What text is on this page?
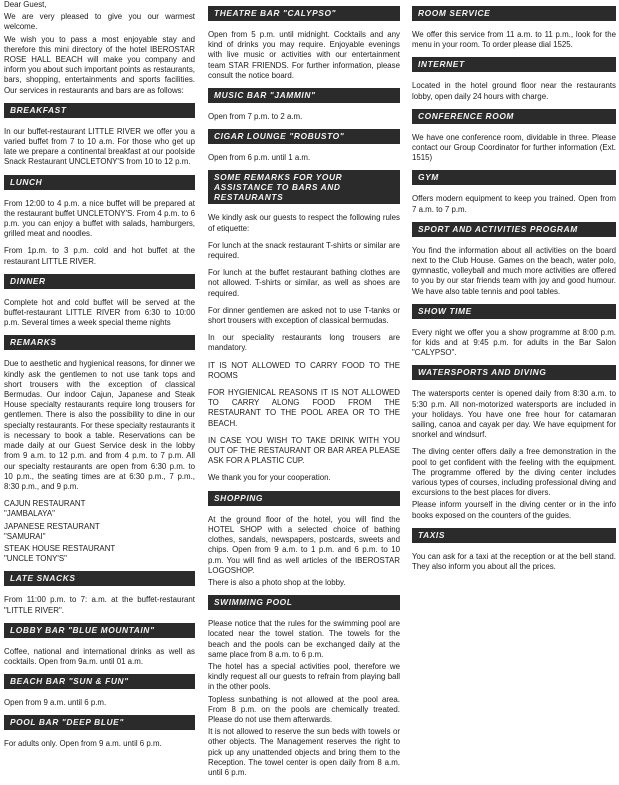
Dear Guest,

We are very pleased to give you our warmest welcome.

We wish you to pass a most enjoyable stay and therefore this mini directory of the hotel IBEROSTAR ROSE HALL BEACH will make you company and inform you about such important points as restaurants, bars, shopping, entertainments and sports facilities. Our services in restaurants and bars are as follows:

BREAKFAST

In our buffet-restaurant LITTLE RIVER we offer you a varied buffet from 7 to 10 a.m. For those who get up late we prepare a continental breakfast at our poolside Snack Restaurant UNCLETONY'S from 10 to 12 p.m.

LUNCH

From 12:00 to 4 p.m. a nice buffet will be prepared at the restaurant buffet UNCLETONY'S. From 4 p.m. to 6 p.m. you can enjoy a buffet with salads, hamburgers, grilled meat and noodles.

From 1p.m. to 3 p.m. cold and hot buffet at the restaurant LITTLE RIVER.

DINNER

Complete hot and cold buffet will be served at the buffet-restaurant LITTLE RIVER from 6:30 to 10:00 p.m. Several times a week special theme nights

REMARKS

Due to aesthetic and hygienical reasons, for dinner we kindly ask the gentlemen to not use tank tops and short trousers with the exception of classical Bermudas. Our indoor Cajun, Japanese and Steak House specialty restaurants require long trousers for gentlemen. There is also the possibility to dine in our specialty restaurants. For these specialty restaurants it is necessary to book a table. Reservations can be made daily at our Guest Service desk in the lobby from 9 a.m. to 12 p.m. and from 4 p.m. to 7 p.m. All our specialty restaurants are open from 6:30 p.m. to 10 p.m., the seating times are at 6:30 p.m., 7 p.m., 8:30 p.m., and 9 p.m.

CAJUN RESTAURANT
"JAMBALAYA"

JAPANESE RESTAURANT
"SAMURAI"

STEAK HOUSE RESTAURANT
"UNCLE TONY'S"

LATE SNACKS

From 11:00 p.m. to 7: a.m. at the buffet-restaurant "LITTLE RIVER".

LOBBY BAR "BLUE MOUNTAIN"

Coffee, national and international drinks as well as cocktails. Open from 9a.m. until 01 a.m.

BEACH BAR "SUN & FUN"

Open from 9 a.m. until 6 p.m.

POOL BAR "DEEP BLUE"

For adults only. Open from 9 a.m. until 6 p.m.

THEATRE BAR "CALYPSO"

Open from 5 p.m. until midnight. Cocktails and any kind of drinks you may require. Enjoyable evenings with live music or activities with our entertainment team STAR FRIENDS. For further information, please consult the notice board.

MUSIC BAR "JAMMIN"

Open from 7 p.m. to 2 a.m.

CIGAR LOUNGE "ROBUSTO"

Open from 6 p.m. until 1 a.m.

SOME REMARKS FOR YOUR ASSISTANCE TO BARS AND RESTAURANTS

We kindly ask our guests to respect the following rules of etiquette:

For lunch at the snack restaurant T-shirts or similar are required.

For lunch at the buffet restaurant bathing clothes are not allowed. T-shirts or similar, as well as shoes are required.

For dinner gentlemen are asked not to use T-tanks or short trousers with exception of classical bermudas.

In our speciality restaurants long trousers are mandatory.

IT IS NOT ALLOWED TO CARRY FOOD TO THE ROOMS

FOR HYGIENICAL REASONS IT IS NOT ALLOWED TO CARRY ALONG FOOD FROM THE RESTAURANT TO THE POOL AREA OR TO THE BEACH.

IN CASE YOU WISH TO TAKE DRINK WITH YOU OUT OF THE RESTAURANT OR BAR AREA PLEASE ASK FOR A PLASTIC CUP.

We thank you for your cooperation.

SHOPPING

At the ground floor of the hotel, you will find the HOTEL SHOP with a selected choice of bathing clothes, sandals, newspapers, postcards, sweets and chips. Open from 9 a.m. to 1 p.m. and 6 p.m. to 10 p.m. You will find as well articles of the IBEROSTAR LOGOSHOP.

There is also a photo shop at the lobby.

SWIMMING POOL

Please notice that the rules for the swimming pool are located near the towel station. The towels for the beach and the pools can be exchanged daily at the same place from 8 a.m. to 6 p.m.

The hotel has a special activities pool, therefore we kindly request all our guests to refrain from playing ball in the other pools.

Topless sunbathing is not allowed at the pool area. From 8 p.m. on the pools are chemically treated. Please do not use them afterwards.

It is not allowed to reserve the sun beds with towels or other objects. The Management reserves the right to pick up any unattended objects and bring them to the Reception. The towel center is open daily from 8 a.m. until 6 p.m.

ROOM SERVICE

We offer this service from 11 a.m. to 11 p.m., look for the menu in your room. To order please dial 1525.

INTERNET

Located in the hotel ground floor near the restaurants lobby, open daily 24 hours with charge.

CONFERENCE ROOM

We have one conference room, dividable in three. Please contact our Group Coordinator for further information (Ext. 1515)

GYM

Offers modern equipment to keep you trained. Open from 7 a.m. to 7 p.m.

SPORT AND ACTIVITIES PROGRAM

You find the information about all activities on the board next to the Club House. Games on the beach, water polo, gymnastic, volleyball and much more activities are offered to you by our star friends team with joy and good humour. We have also table tennis and pool tables.

SHOW TIME

Every night we offer you a show programme at 8:00 p.m. for kids and at 9:45 p.m. for adults in the Bar Salon "CALYPSO".

WATERSPORTS AND DIVING

The watersports center is opened daily from 8:30 a.m. to 5:30 p.m. All non-motorized watersports are included in your holidays. You have one free hour for catamaran sailing, canoa and cayak per day. We have equipment for snorkel and windsurf.

The diving center offers daily a free demonstration in the pool to get confident with the feeling with the equipment. The programme offered by the diving center includes various types of courses, including professional diving and excursions to the best places for divers.

Please inform yourself in the diving center or in the info books exposed on the counters of the guides.

TAXIS

You can ask for a taxi at the reception or at the bell stand. They also inform you about all the prices.
